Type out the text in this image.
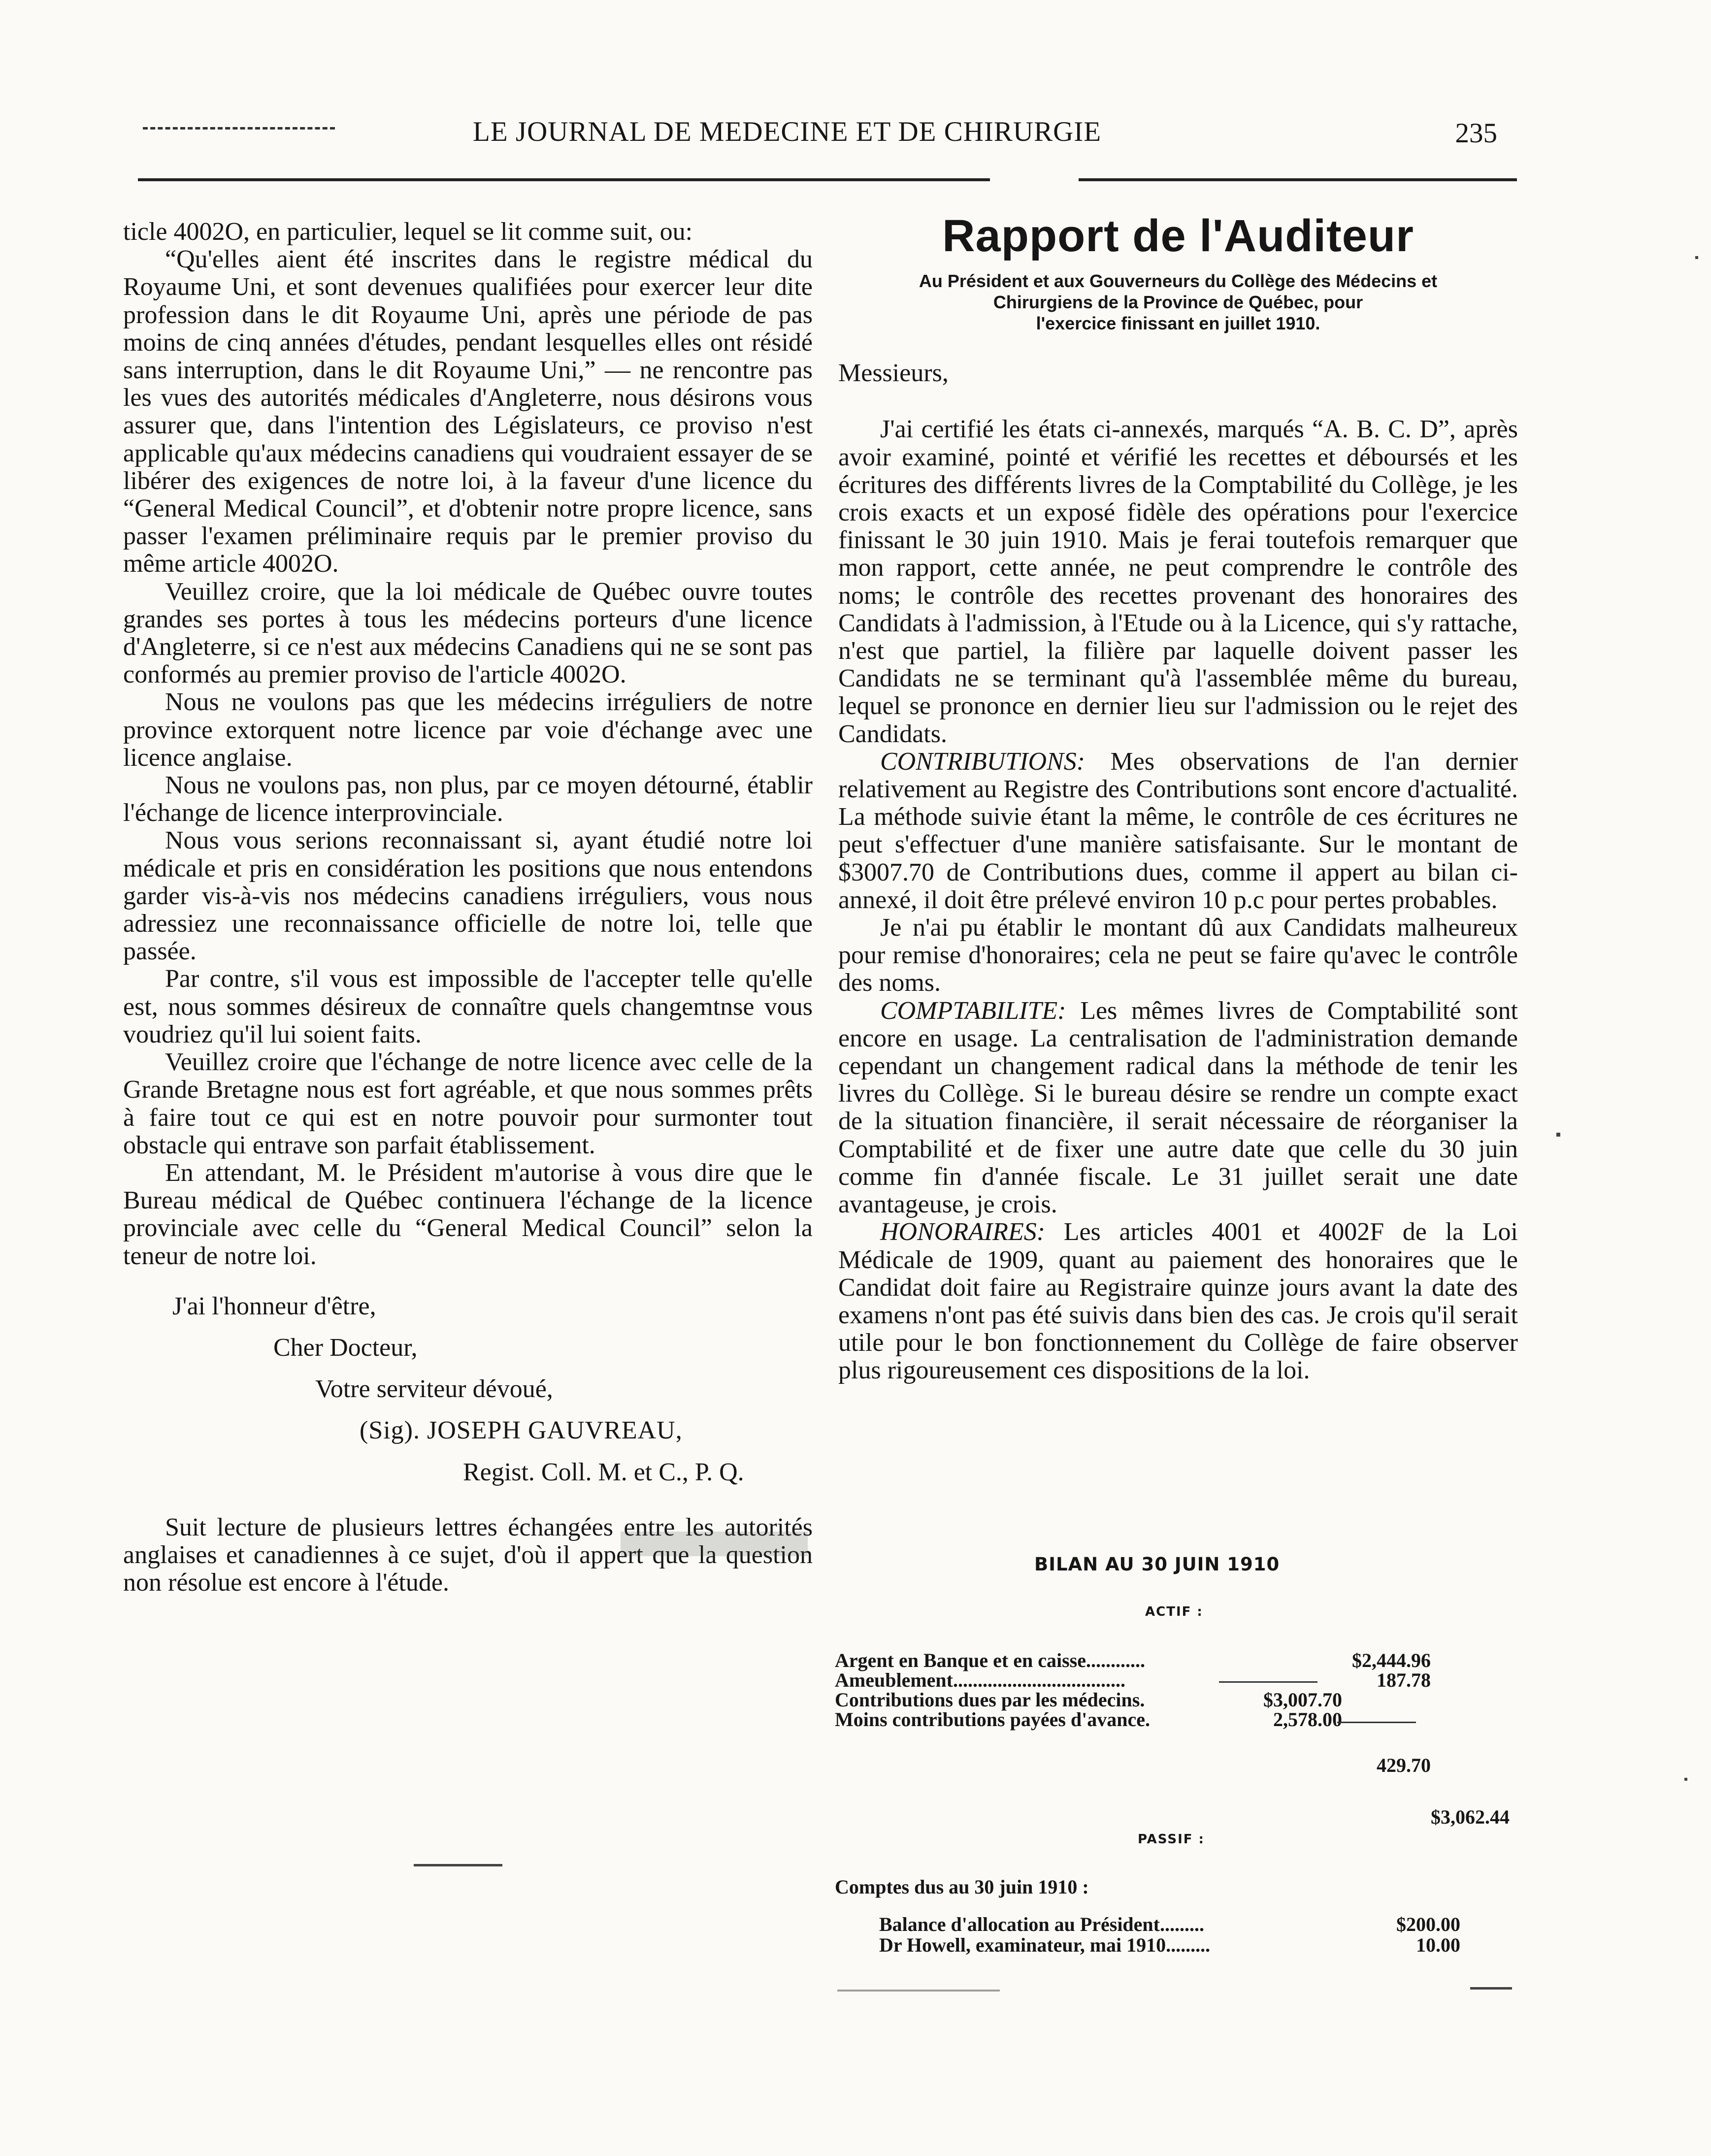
LE JOURNAL DE MEDECINE ET DE CHIRURGIE	235

ticle 4002O, en particulier, lequel se lit comme suit, ou:

“Qu'elles aient été inscrites dans le registre médical du Royaume Uni, et sont devenues qualifiées pour exercer leur dite profession dans le dit Royaume Uni, après une période de pas moins de cinq années d'études, pendant lesquelles elles ont résidé sans interruption, dans le dit Royaume Uni,” — ne rencontre pas les vues des autorités médicales d'Angleterre, nous désirons vous assurer que, dans l'intention des Législateurs, ce proviso n'est applicable qu'aux médecins canadiens qui voudraient essayer de se libérer des exigences de notre loi, à la faveur d'une licence du “General Medical Council”, et d'obtenir notre propre licence, sans passer l'examen préliminaire requis par le premier proviso du même article 4002O.

Veuillez croire, que la loi médicale de Québec ouvre toutes grandes ses portes à tous les médecins porteurs d'une licence d'Angleterre, si ce n'est aux médecins Canadiens qui ne se sont pas conformés au premier proviso de l'article 4002O.

Nous ne voulons pas que les médecins irréguliers de notre province extorquent notre licence par voie d'échange avec une licence anglaise.

Nous ne voulons pas, non plus, par ce moyen détourné, établir l'échange de licence interprovinciale.

Nous vous serions reconnaissant si, ayant étudié notre loi médicale et pris en considération les positions que nous entendons garder vis-à-vis nos médecins canadiens irréguliers, vous nous adressiez une reconnaissance officielle de notre loi, telle que passée.

Par contre, s'il vous est impossible de l'accepter telle qu'elle est, nous sommes désireux de connaître quels changemtnse vous voudriez qu'il lui soient faits.

Veuillez croire que l'échange de notre licence avec celle de la Grande Bretagne nous est fort agréable, et que nous sommes prêts à faire tout ce qui est en notre pouvoir pour surmonter tout obstacle qui entrave son parfait établissement.

En attendant, M. le Président m'autorise à vous dire que le Bureau médical de Québec continuera l'échange de la licence provinciale avec celle du “General Medical Council” selon la teneur de notre loi.

J'ai l'honneur d'être,

Cher Docteur,

Votre serviteur dévoué,

(Sig). JOSEPH GAUVREAU,

Regist. Coll. M. et C., P. Q.

Suit lecture de plusieurs lettres échangées entre les autorités anglaises et canadiennes à ce sujet, d'où il appert que la question non résolue est encore à l'étude.

Rapport de l'Auditeur
Au Président et aux Gouverneurs du Collège des Médecins et
Chirurgiens de la Province de Québec, pour
l'exercice finissant en juillet 1910.

Messieurs,

J'ai certifié les états ci-annexés, marqués “A. B. C. D”, après avoir examiné, pointé et vérifié les recettes et déboursés et les écritures des différents livres de la Comptabilité du Collège, je les crois exacts et un exposé fidèle des opérations pour l'exercice finissant le 30 juin 1910. Mais je ferai toutefois remarquer que mon rapport, cette année, ne peut comprendre le contrôle des noms; le contrôle des recettes provenant des honoraires des Candidats à l'admission, à l'Etude ou à la Licence, qui s'y rattache, n'est que partiel, la filière par laquelle doivent passer les Candidats ne se terminant qu'à l'assemblée même du bureau, lequel se prononce en dernier lieu sur l'admission ou le rejet des Candidats.

CONTRIBUTIONS: Mes observations de l'an dernier relativement au Registre des Contributions sont encore d'actualité. La méthode suivie étant la même, le contrôle de ces écritures ne peut s'effectuer d'une manière satisfaisante. Sur le montant de $3007.70 de Contributions dues, comme il appert au bilan ci-annexé, il doit être prélevé environ 10 p.c pour pertes probables.

Je n'ai pu établir le montant dû aux Candidats malheureux pour remise d'honoraires; cela ne peut se faire qu'avec le contrôle des noms.

COMPTABILITE: Les mêmes livres de Comptabilité sont encore en usage. La centralisation de l'administration demande cependant un changement radical dans la méthode de tenir les livres du Collège. Si le bureau désire se rendre un compte exact de la situation financière, il serait nécessaire de réorganiser la Comptabilité et de fixer une autre date que celle du 30 juin comme fin d'année fiscale. Le 31 juillet serait une date avantageuse, je crois.

HONORAIRES: Les articles 4001 et 4002F de la Loi Médicale de 1909, quant au paiement des honoraires que le Candidat doit faire au Registraire quinze jours avant la date des examens n'ont pas été suivis dans bien des cas. Je crois qu'il serait utile pour le bon fonctionnement du Collège de faire observer plus rigoureusement ces dispositions de la loi.

BILAN AU 30 JUIN 1910
ACTIF :
Argent en Banque et en caisse............	$2,444.96
Ameublement...................................	187.78
Contributions dues par les médecins.	$3,007.70
Moins contributions payées d'avance.	2,578.00
429.70
$3,062.44
PASSIF :
Comptes dus au 30 juin 1910 :
Balance d'allocation au Président.........	$200.00
Dr Howell, examinateur, mai 1910.........	10.00
